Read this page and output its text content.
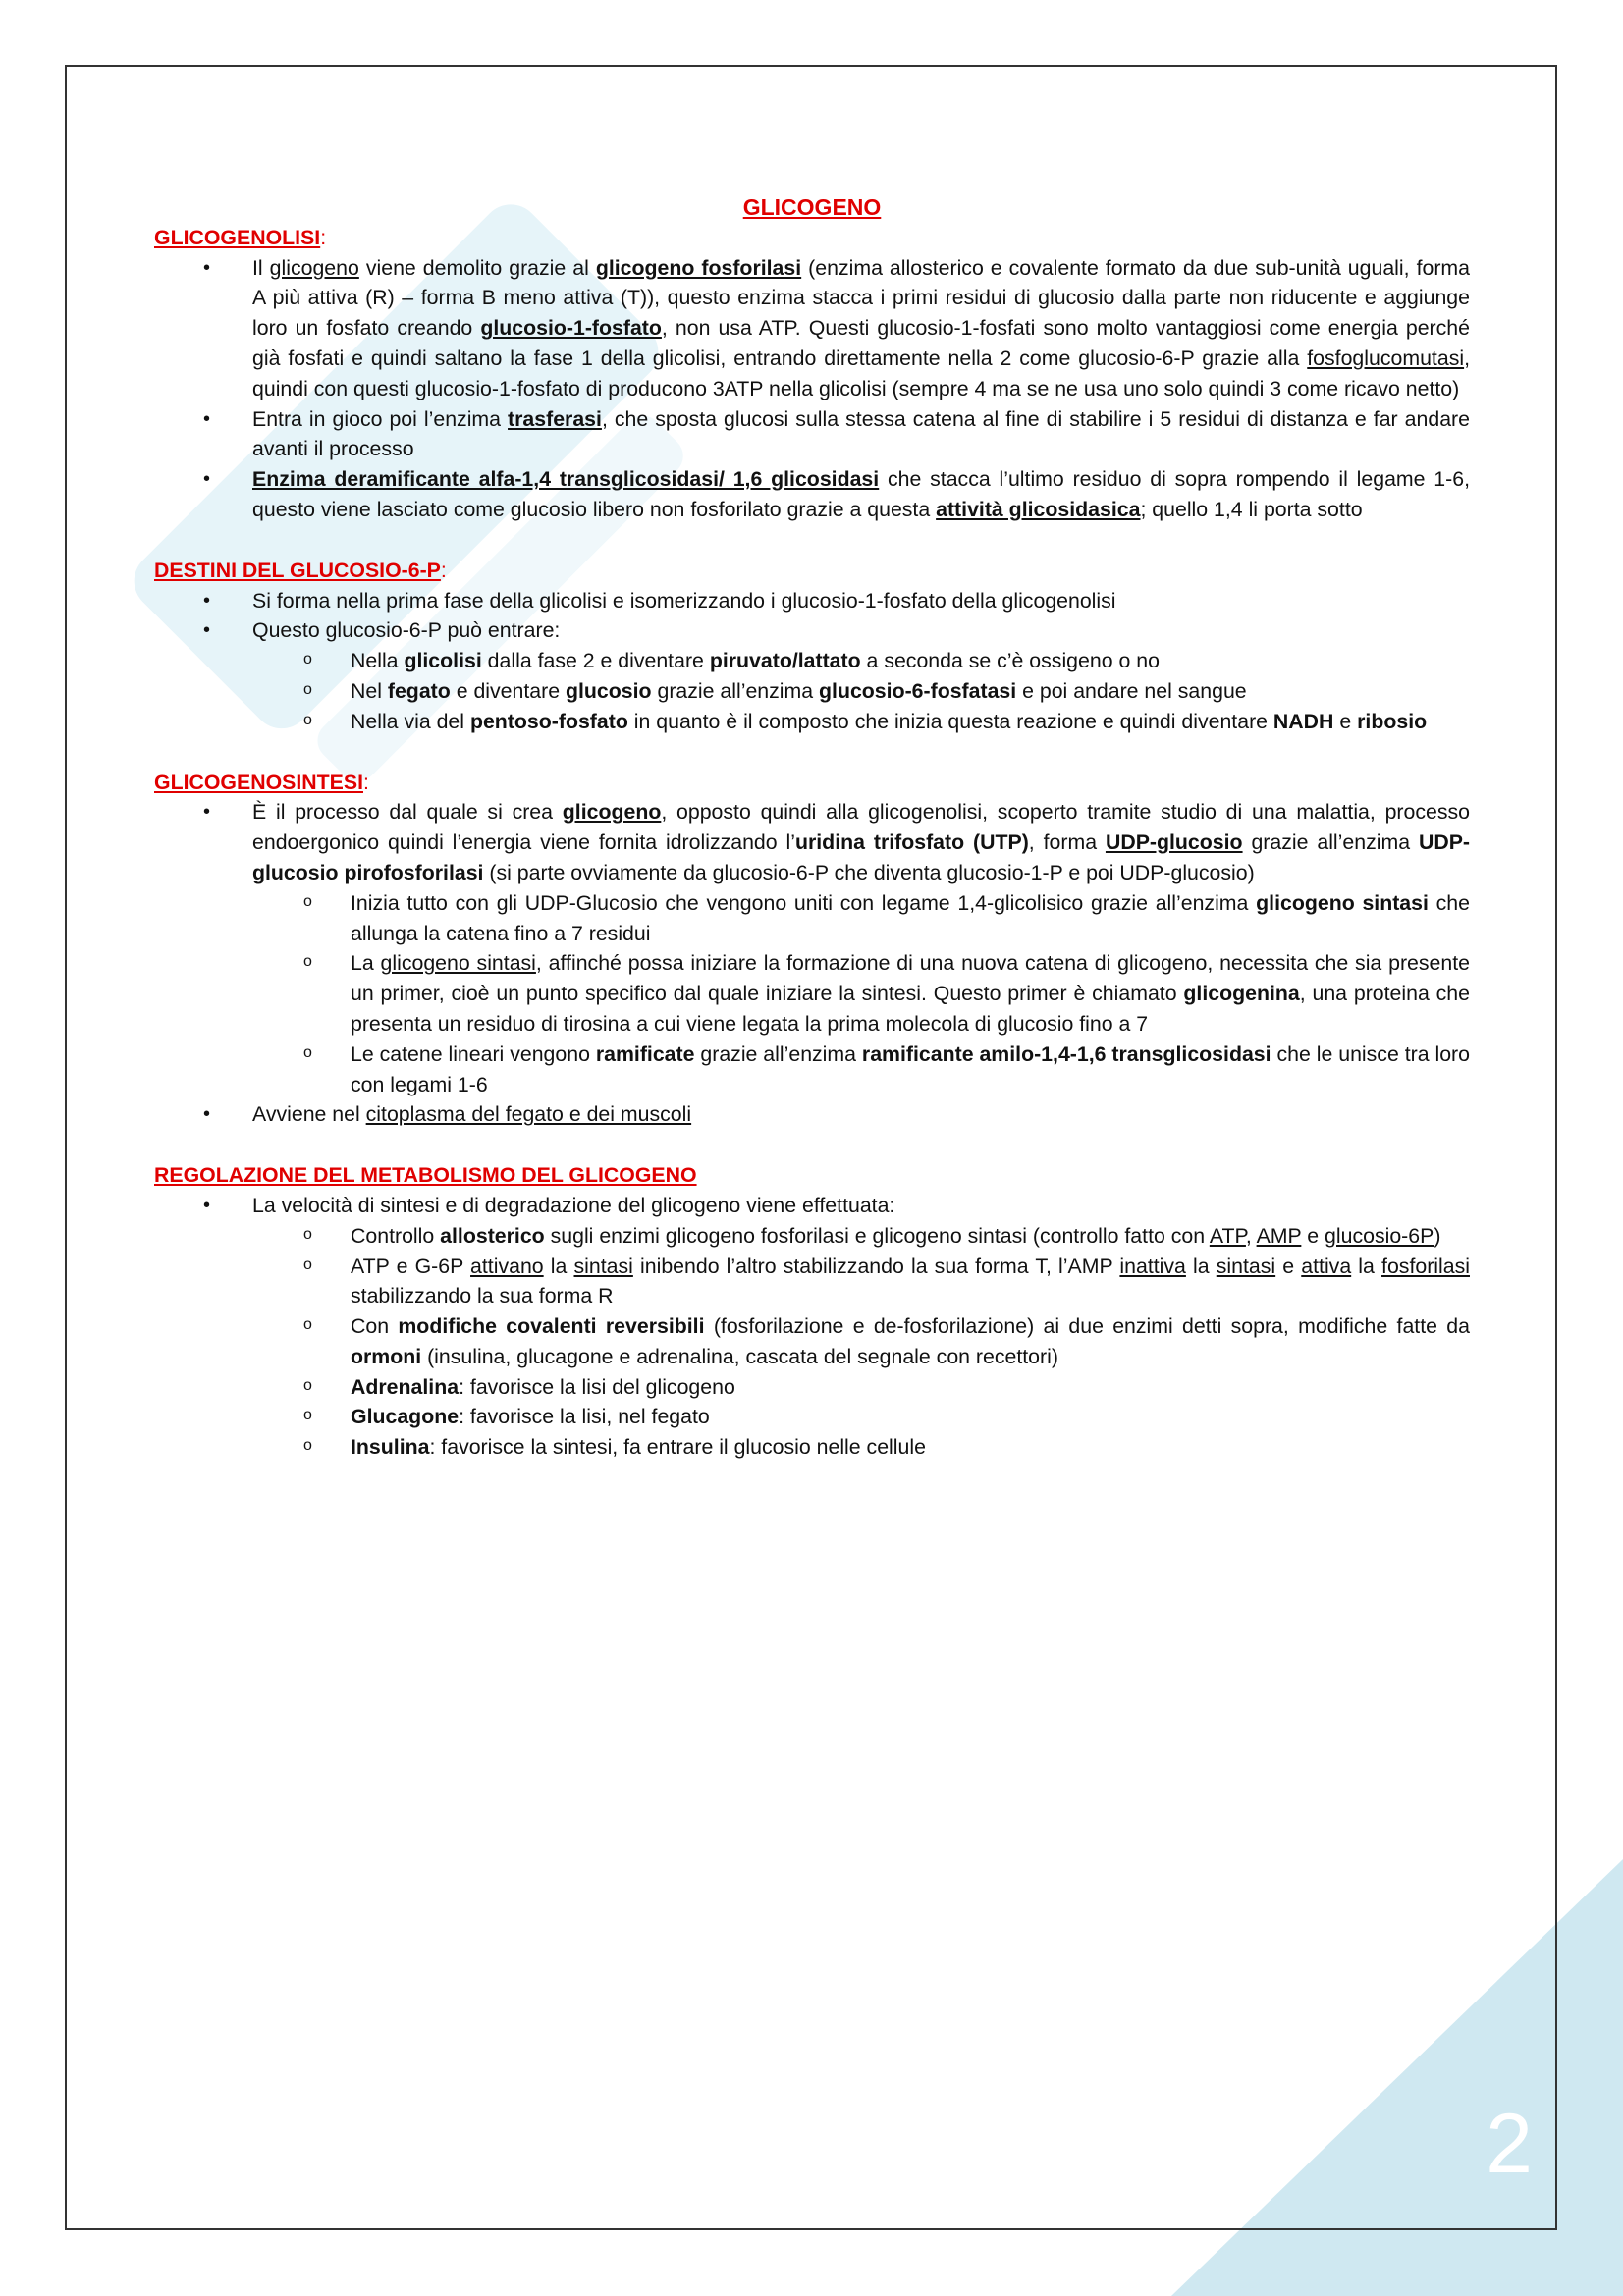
2
GLICOGENO

GLICOGENOLISI:

• Il glicogeno viene demolito grazie al glicogeno fosforilasi (enzima allosterico e covalente formato da due sub-unità uguali, forma A più attiva (R) – forma B meno attiva (T)), questo enzima stacca i primi residui di glucosio dalla parte non riducente e aggiunge loro un fosfato creando glucosio-1-fosfato, non usa ATP. Questi glucosio-1-fosfati sono molto vantaggiosi come energia perché già fosfati e quindi saltano la fase 1 della glicolisi, entrando direttamente nella 2 come glucosio-6-P grazie alla fosfoglucomutasi, quindi con questi glucosio-1-fosfato di producono 3ATP nella glicolisi (sempre 4 ma se ne usa uno solo quindi 3 come ricavo netto)
• Entra in gioco poi l’enzima trasferasi, che sposta glucosi sulla stessa catena al fine di stabilire i 5 residui di distanza e far andare avanti il processo
• Enzima deramificante alfa-1,4 transglicosidasi/ 1,6 glicosidasi che stacca l’ultimo residuo di sopra rompendo il legame 1-6, questo viene lasciato come glucosio libero non fosforilato grazie a questa attività glicosidasica; quello 1,4 li porta sotto

DESTINI DEL GLUCOSIO-6-P:

• Si forma nella prima fase della glicolisi e isomerizzando i glucosio-1-fosfato della glicogenolisi
• Questo glucosio-6-P può entrare:
o Nella glicolisi dalla fase 2 e diventare piruvato/lattato a seconda se c’è ossigeno o no
o Nel fegato e diventare glucosio grazie all’enzima glucosio-6-fosfatasi e poi andare nel sangue
o Nella via del pentoso-fosfato in quanto è il composto che inizia questa reazione e quindi diventare NADH e ribosio

GLICOGENOSINTESI:

• È il processo dal quale si crea glicogeno, opposto quindi alla glicogenolisi, scoperto tramite studio di una malattia, processo endoergonico quindi l’energia viene fornita idrolizzando l’uridina trifosfato (UTP), forma UDP-glucosio grazie all’enzima UDP-glucosio pirofosforilasi (si parte ovviamente da glucosio-6-P che diventa glucosio-1-P e poi UDP-glucosio)
o Inizia tutto con gli UDP-Glucosio che vengono uniti con legame 1,4-glicolisico grazie all’enzima glicogeno sintasi che allunga la catena fino a 7 residui
o La glicogeno sintasi, affinché possa iniziare la formazione di una nuova catena di glicogeno, necessita che sia presente un primer, cioè un punto specifico dal quale iniziare la sintesi. Questo primer è chiamato glicogenina, una proteina che presenta un residuo di tirosina a cui viene legata la prima molecola di glucosio fino a 7
o Le catene lineari vengono ramificate grazie all’enzima ramificante amilo-1,4-1,6 transglicosidasi che le unisce tra loro con legami 1-6
• Avviene nel citoplasma del fegato e dei muscoli

REGOLAZIONE DEL METABOLISMO DEL GLICOGENO

• La velocità di sintesi e di degradazione del glicogeno viene effettuata:
o Controllo allosterico sugli enzimi glicogeno fosforilasi e glicogeno sintasi (controllo fatto con ATP, AMP e glucosio-6P)
o ATP e G-6P attivano la sintasi inibendo l’altro stabilizzando la sua forma T, l’AMP inattiva la sintasi e attiva la fosforilasi stabilizzando la sua forma R
o Con modifiche covalenti reversibili (fosforilazione e de-fosforilazione) ai due enzimi detti sopra, modifiche fatte da ormoni (insulina, glucagone e adrenalina, cascata del segnale con recettori)
o Adrenalina: favorisce la lisi del glicogeno
o Glucagone: favorisce la lisi, nel fegato
o Insulina: favorisce la sintesi, fa entrare il glucosio nelle cellule
